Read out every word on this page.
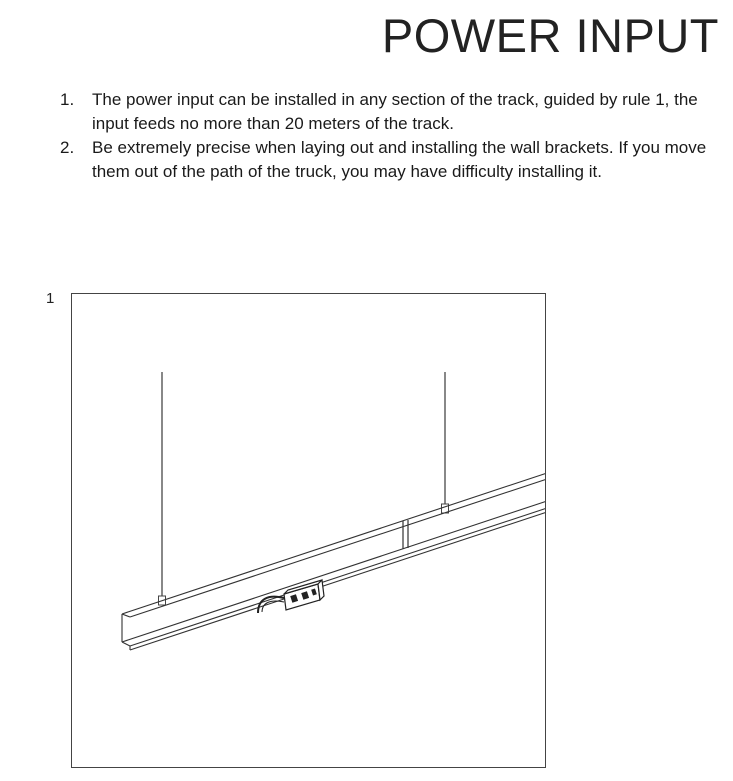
POWER INPUT
1.	The power input can be installed in any section of the track, guided by rule 1, the input feeds no more than 20 meters of the track.
2.	Be extremely precise when laying out and installing the wall brackets. If you move them out of the path of the truck, you may have difficulty installing it.
1
